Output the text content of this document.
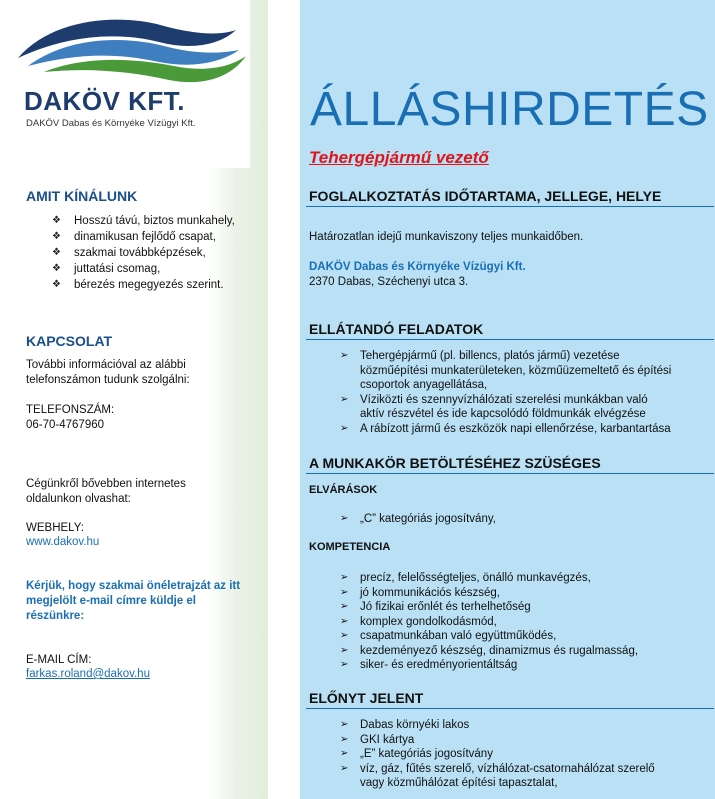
DAKÖV KFT.
DAKÖV Dabas és Környéke Vízügyi Kft.
AMIT KÍNÁLUNK
❖ Hosszú távú, biztos munkahely,
❖ dinamikusan fejlődő csapat,
❖ szakmai továbbképzések,
❖ juttatási csomag,
❖ bérezés megegyezés szerint.
KAPCSOLAT
További információval az alábbi
telefonszámon tudunk szolgálni:
TELEFONSZÁM:
06-70-4767960
Cégünkről bővebben internetes
oldalunkon olvashat:
WEBHELY:
www.dakov.hu
Kérjük, hogy szakmai önéletrajzát az itt
megjelölt e-mail címre küldje el
részünkre:
E-MAIL CÍM:
farkas.roland@dakov.hu
ÁLLÁSHIRDETÉS
Tehergépjármű vezető
FOGLALKOZTATÁS IDŐTARTAMA, JELLEGE, HELYE
Határozatlan idejű munkaviszony teljes munkaidőben.
DAKÖV Dabas és Környéke Vízügyi Kft.
2370 Dabas, Széchenyi utca 3.
ELLÁTANDÓ FELADATOK
➢ Tehergépjármű (pl. billencs, platós jármű) vezetése
közműépítési munkaterületeken, közműüzemeltető és építési
csoportok anyagellátása,
➢ Víziközti és szennyvízhálózati szerelési munkákban való
aktív részvétel és ide kapcsolódó földmunkák elvégzése
➢ A rábízott jármű és eszközök napi ellenőrzése, karbantartása
A MUNKAKÖR BETÖLTÉSÉHEZ SZÜSÉGES
ELVÁRÁSOK
➢ „C” kategóriás jogosítvány,
KOMPETENCIA
➢ precíz, felelősségteljes, önálló munkavégzés,
➢ jó kommunikációs készség,
➢ Jó fizikai erőnlét és terhelhetőség
➢ komplex gondolkodásmód,
➢ csapatmunkában való együttműködés,
➢ kezdeményező készség, dinamizmus és rugalmasság,
➢ siker- és eredményorientáltság
ELŐNYT JELENT
➢ Dabas környéki lakos
➢ GKI kártya
➢ „E” kategóriás jogosítvány
➢ víz, gáz, fűtés szerelő, vízhálózat-csatornahálózat szerelő
vagy közműhálózat építési tapasztalat,
